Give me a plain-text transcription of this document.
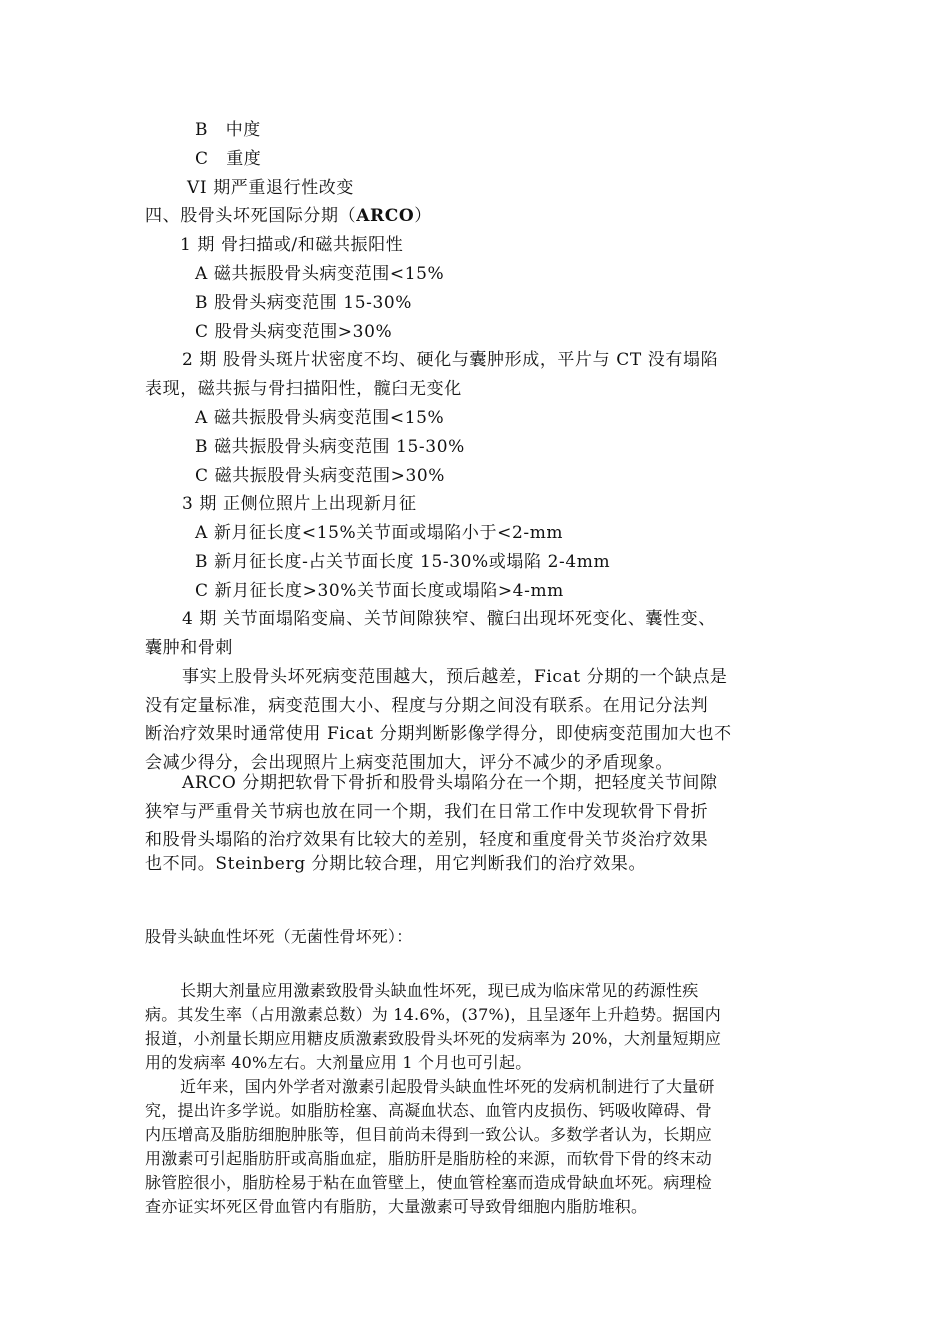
B　中度
C　重度
VI 期严重退行性改变
四、股骨头坏死国际分期（ARCO）
1 期 骨扫描或/和磁共振阳性
A 磁共振股骨头病变范围<15%
B 股骨头病变范围 15-30%
C 股骨头病变范围>30%
2 期 股骨头斑片状密度不均、硬化与囊肿形成，平片与 CT 没有塌陷
表现，磁共振与骨扫描阳性，髋臼无变化
A 磁共振股骨头病变范围<15%
B 磁共振股骨头病变范围 15-30%
C 磁共振股骨头病变范围>30%
3 期 正侧位照片上出现新月征
A 新月征长度<15%关节面或塌陷小于<2-mm
B 新月征长度-占关节面长度 15-30%或塌陷 2-4mm
C 新月征长度>30%关节面长度或塌陷>4-mm
4 期 关节面塌陷变扁、关节间隙狭窄、髋臼出现坏死变化、囊性变、
囊肿和骨刺
事实上股骨头坏死病变范围越大，预后越差，Ficat 分期的一个缺点是
没有定量标准，病变范围大小、程度与分期之间没有联系。在用记分法判
断治疗效果时通常使用 Ficat 分期判断影像学得分，即使病变范围加大也不
会减少得分，会出现照片上病变范围加大，评分不减少的矛盾现象。
ARCO 分期把软骨下骨折和股骨头塌陷分在一个期，把轻度关节间隙
狭窄与严重骨关节病也放在同一个期，我们在日常工作中发现软骨下骨折
和股骨头塌陷的治疗效果有比较大的差别，轻度和重度骨关节炎治疗效果
也不同。Steinberg 分期比较合理，用它判断我们的治疗效果。
股骨头缺血性坏死（无菌性骨坏死）：
长期大剂量应用激素致股骨头缺血性坏死，现已成为临床常见的药源性疾
病。其发生率（占用激素总数）为 14.6%，(37%)，且呈逐年上升趋势。据国内
报道，小剂量长期应用糖皮质激素致股骨头坏死的发病率为 20%，大剂量短期应
用的发病率 40%左右。大剂量应用 1 个月也可引起。
近年来，国内外学者对激素引起股骨头缺血性坏死的发病机制进行了大量研
究，提出许多学说。如脂肪栓塞、高凝血状态、血管内皮损伤、钙吸收障碍、骨
内压增高及脂肪细胞肿胀等，但目前尚未得到一致公认。多数学者认为，长期应
用激素可引起脂肪肝或高脂血症，脂肪肝是脂肪栓的来源，而软骨下骨的终末动
脉管腔很小，脂肪栓易于粘在血管壁上，使血管栓塞而造成骨缺血坏死。病理检
查亦证实坏死区骨血管内有脂肪，大量激素可导致骨细胞内脂肪堆积。
